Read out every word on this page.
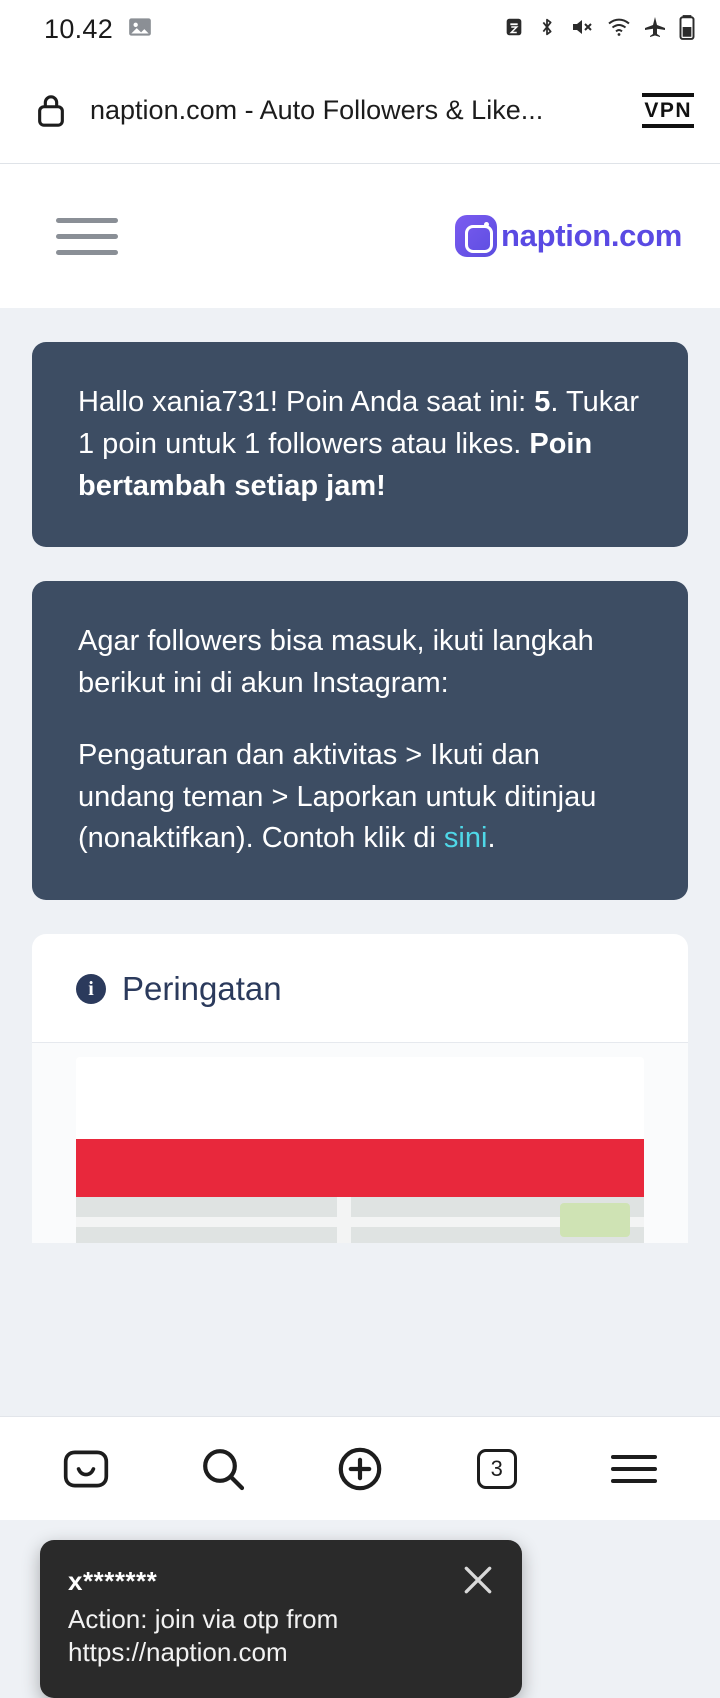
10.42
naption.com - Auto Followers & Like...	VPN
naption.com

Hallo xania731! Poin Anda saat ini: 5. Tukar 1 poin untuk 1 followers atau likes. Poin bertambah setiap jam!

Agar followers bisa masuk, ikuti langkah berikut ini di akun Instagram:

Pengaturan dan aktivitas > Ikuti dan undang teman > Laporkan untuk ditinjau (nonaktifkan). Contoh klik di sini.

i Peringatan
x*******
Action: join via otp from
https://naption.com
3
